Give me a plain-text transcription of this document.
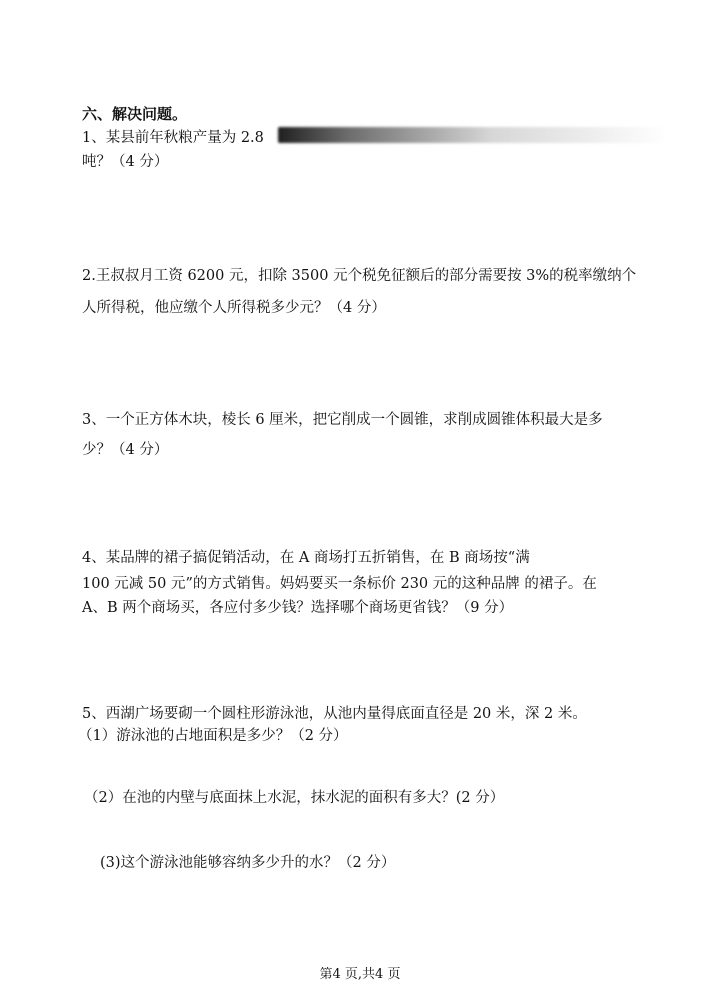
六、解决问题。
1、某县前年秋粮产量为 2.8
吨？（4 分）
2.王叔叔月工资 6200 元，扣除 3500 元个税免征额后的部分需要按 3%的税率缴纳个
人所得税，他应缴个人所得税多少元？（4 分）
3、一个正方体木块，棱长 6 厘米，把它削成一个圆锥，求削成圆锥体积最大是多
少？（4 分）
4、某品牌的裙子搞促销活动，在 A 商场打五折销售，在 B 商场按“满
100 元减 50 元”的方式销售。妈妈要买一条标价 230 元的这种品牌 的裙子。在
A、B 两个商场买，各应付多少钱？选择哪个商场更省钱？（9 分）
5、西湖广场要砌一个圆柱形游泳池，从池内量得底面直径是 20 米，深 2 米。
（1）游泳池的占地面积是多少？（2 分）
（2）在池的内壁与底面抹上水泥，抹水泥的面积有多大？(2 分）
(3)这个游泳池能够容纳多少升的水？（2 分）
第4 页,共4 页
